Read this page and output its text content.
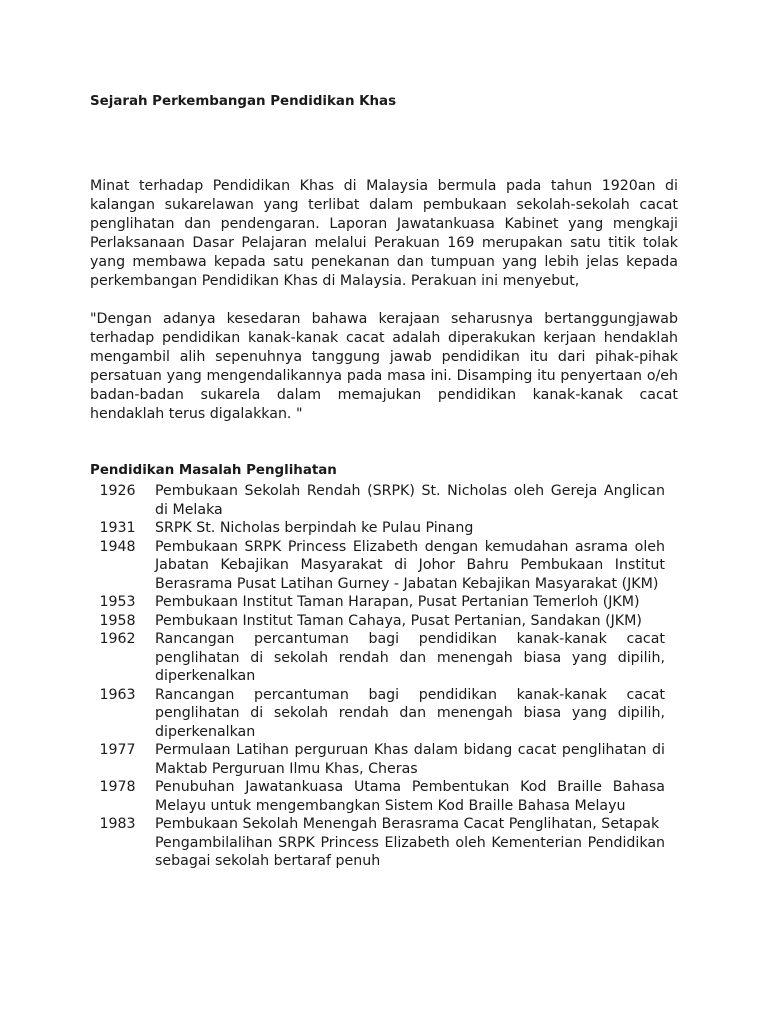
Sejarah Perkembangan Pendidikan Khas

Minat terhadap Pendidikan Khas di Malaysia bermula pada tahun 1920an di kalangan sukarelawan yang terlibat dalam pembukaan sekolah-sekolah cacat penglihatan dan pendengaran. Laporan Jawatankuasa Kabinet yang mengkaji Perlaksanaan Dasar Pelajaran melalui Perakuan 169 merupakan satu titik tolak yang membawa kepada satu penekanan dan tumpuan yang lebih jelas kepada perkembangan Pendidikan Khas di Malaysia. Perakuan ini menyebut,

"Dengan adanya kesedaran bahawa kerajaan seharusnya bertanggungjawab terhadap pendidikan kanak-kanak cacat adalah diperakukan kerjaan hendaklah mengambil alih sepenuhnya tanggung jawab pendidikan itu dari pihak-pihak persatuan yang mengendalikannya pada masa ini. Disamping itu penyertaan o/eh badan-badan sukarela dalam memajukan pendidikan kanak-kanak cacat hendaklah terus digalakkan. "

Pendidikan Masalah Penglihatan
1926	Pembukaan Sekolah Rendah (SRPK) St. Nicholas oleh Gereja Anglican di Melaka
1931	SRPK St. Nicholas berpindah ke Pulau Pinang
1948	Pembukaan SRPK Princess Elizabeth dengan kemudahan asrama oleh Jabatan Kebajikan Masyarakat di Johor Bahru Pembukaan Institut Berasrama Pusat Latihan Gurney - Jabatan Kebajikan Masyarakat (JKM)
1953	Pembukaan Institut Taman Harapan, Pusat Pertanian Temerloh (JKM)
1958	Pembukaan Institut Taman Cahaya, Pusat Pertanian, Sandakan (JKM)
1962	Rancangan percantuman bagi pendidikan kanak-kanak cacat penglihatan di sekolah rendah dan menengah biasa yang dipilih, diperkenalkan
1963	Rancangan percantuman bagi pendidikan kanak-kanak cacat penglihatan di sekolah rendah dan menengah biasa yang dipilih, diperkenalkan
1977	Permulaan Latihan perguruan Khas dalam bidang cacat penglihatan di Maktab Perguruan Ilmu Khas, Cheras
1978	Penubuhan Jawatankuasa Utama Pembentukan Kod Braille Bahasa Melayu untuk mengembangkan Sistem Kod Braille Bahasa Melayu
1983	Pembukaan Sekolah Menengah Berasrama Cacat Penglihatan, Setapak
Pengambilalihan SRPK Princess Elizabeth oleh Kementerian Pendidikan sebagai sekolah bertaraf penuh
